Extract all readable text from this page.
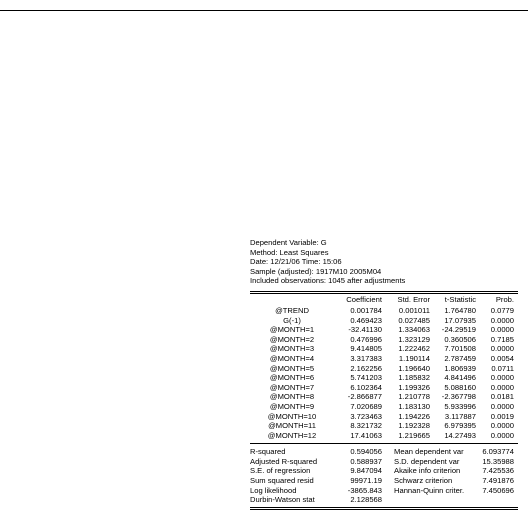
Dependent Variable: G
Method: Least Squares
Date: 12/21/06 Time: 15:06
Sample (adjusted): 1917M10 2005M04
Included observations: 1045 after adjustments
	Coefficient	Std. Error	t-Statistic	Prob.
@TREND	0.001784	0.001011	1.764780	0.0779
G(-1)	0.469423	0.027485	17.07935	0.0000
@MONTH=1	-32.41130	1.334063	-24.29519	0.0000
@MONTH=2	0.476996	1.323129	0.360506	0.7185
@MONTH=3	9.414805	1.222462	7.701508	0.0000
@MONTH=4	3.317383	1.190114	2.787459	0.0054
@MONTH=5	2.162256	1.196640	1.806939	0.0711
@MONTH=6	5.741203	1.185832	4.841496	0.0000
@MONTH=7	6.102364	1.199326	5.088160	0.0000
@MONTH=8	-2.866877	1.210778	-2.367798	0.0181
@MONTH=9	7.020689	1.183130	5.933996	0.0000
@MONTH=10	3.723463	1.194226	3.117887	0.0019
@MONTH=11	8.321732	1.192328	6.979395	0.0000
@MONTH=12	17.41063	1.219665	14.27493	0.0000
R-squared	0.594056	Mean dependent var	6.093774
Adjusted R-squared	0.588937	S.D. dependent var	15.35988
S.E. of regression	9.847094	Akaike info criterion	7.425536
Sum squared resid	99971.19	Schwarz criterion	7.491876
Log likelihood	-3865.843	Hannan-Quinn criter.	7.450696
Durbin-Watson stat	2.128568		
